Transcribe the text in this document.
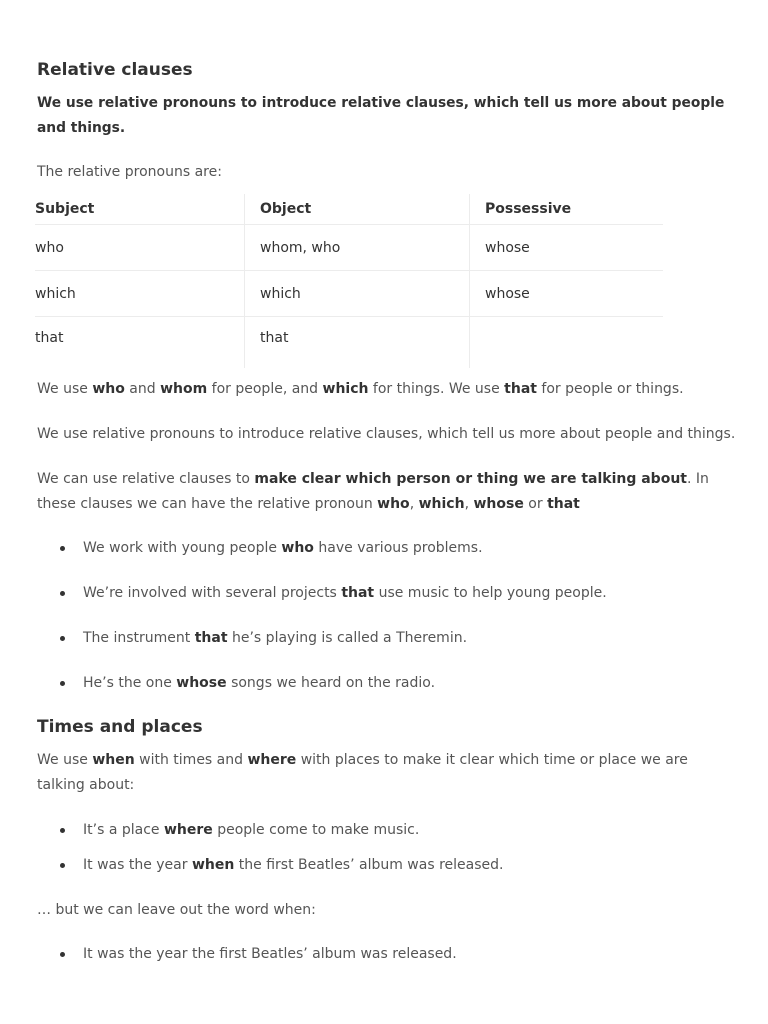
Relative clauses
We use relative pronouns to introduce relative clauses, which tell us more about people and things.
The relative pronouns are:
Subject	Object	Possessive
who	whom, who	whose
which	which	whose
that	that	
We use who and whom for people, and which for things. We use that for people or things.
We use relative pronouns to introduce relative clauses, which tell us more about people and things.
We can use relative clauses to make clear which person or thing we are talking about. In these clauses we can have the relative pronoun who, which, whose or that
We work with young people who have various problems.
We’re involved with several projects that use music to help young people.
The instrument that he’s playing is called a Theremin.
He’s the one whose songs we heard on the radio.
Times and places
We use when with times and where with places to make it clear which time or place we are talking about:
It’s a place where people come to make music.
It was the year when the first Beatles’ album was released.
… but we can leave out the word when:
It was the year the first Beatles’ album was released.
